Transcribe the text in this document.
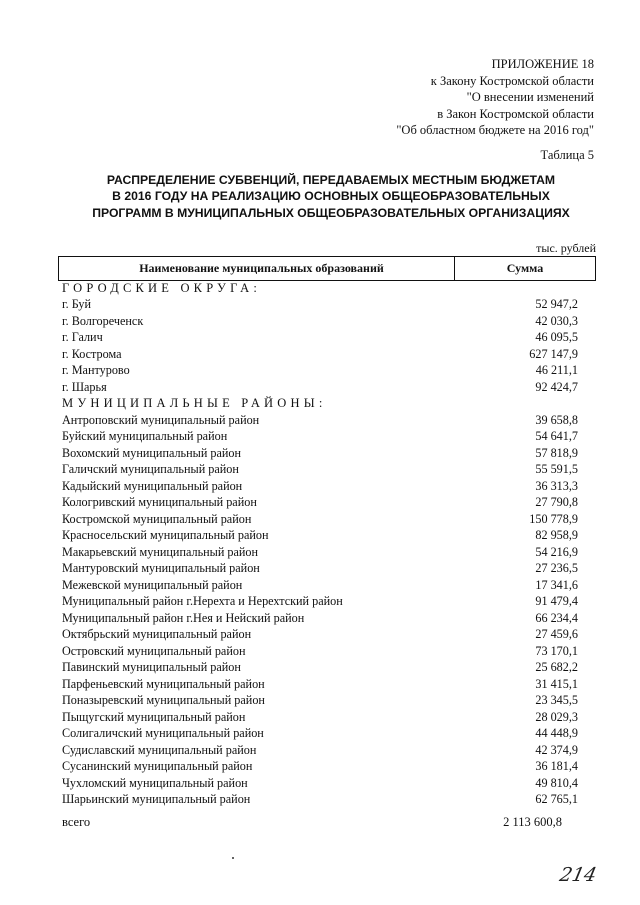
ПРИЛОЖЕНИЕ 18
к Закону Костромской области
"О внесении изменений
в Закон Костромской области
"Об областном бюджете на 2016 год"
Таблица 5
РАСПРЕДЕЛЕНИЕ СУБВЕНЦИЙ, ПЕРЕДАВАЕМЫХ МЕСТНЫМ БЮДЖЕТАМ
В 2016 ГОДУ НА РЕАЛИЗАЦИЮ ОСНОВНЫХ ОБЩЕОБРАЗОВАТЕЛЬНЫХ
ПРОГРАММ В МУНИЦИПАЛЬНЫХ ОБЩЕОБРАЗОВАТЕЛЬНЫХ ОРГАНИЗАЦИЯХ
тыс. рублей
Наименование муниципальных образований	Сумма
ГОРОДСКИЕ ОКРУГА:
г. Буй	52 947,2
г. Волгореченск	42 030,3
г. Галич	46 095,5
г. Кострома	627 147,9
г. Мантурово	46 211,1
г. Шарья	92 424,7
МУНИЦИПАЛЬНЫЕ РАЙОНЫ:
Антроповский муниципальный район	39 658,8
Буйский муниципальный район	54 641,7
Вохомский муниципальный район	57 818,9
Галичский муниципальный район	55 591,5
Кадыйский муниципальный район	36 313,3
Кологривский муниципальный район	27 790,8
Костромской муниципальный район	150 778,9
Красносельский муниципальный район	82 958,9
Макарьевский муниципальный район	54 216,9
Мантуровский муниципальный район	27 236,5
Межевской муниципальный район	17 341,6
Муниципальный район г.Нерехта и Нерехтский район	91 479,4
Муниципальный район г.Нея и Нейский район	66 234,4
Октябрьский муниципальный район	27 459,6
Островский муниципальный район	73 170,1
Павинский муниципальный район	25 682,2
Парфеньевский муниципальный район	31 415,1
Поназыревский муниципальный район	23 345,5
Пыщугский муниципальный район	28 029,3
Солигаличский муниципальный район	44 448,9
Судиславский муниципальный район	42 374,9
Сусанинский муниципальный район	36 181,4
Чухломский муниципальный район	49 810,4
Шарьинский муниципальный район	62 765,1
всего	2 113 600,8
214
